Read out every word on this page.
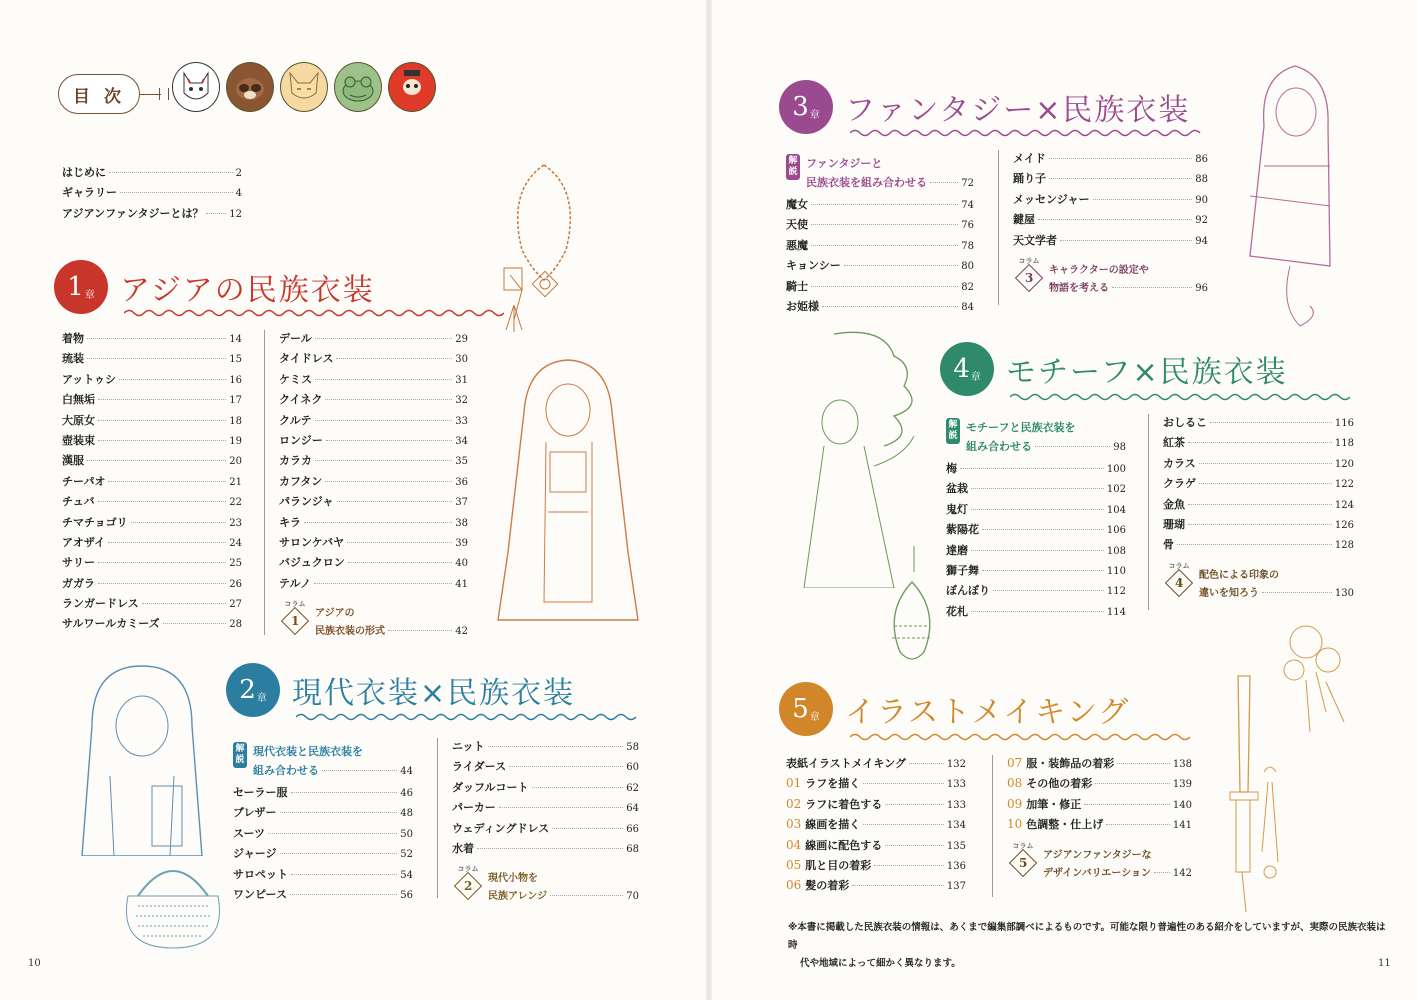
目 次
はじめに	2
ギャラリー	4
アジアンファンタジーとは？	12
1 章 アジアの民族衣装
着物	14
琉装	15
アットゥシ	16
白無垢	17
大原女	18
壺装束	19
漢服	20
チーパオ	21
チュバ	22
チマチョゴリ	23
アオザイ	24
サリー	25
ガガラ	26
ランガードレス	27
サルワールカミーズ	28
デール	29
タイドレス	30
ケミス	31
クイネク	32
クルテ	33
ロンジー	34
カラカ	35
カフタン	36
パランジャ	37
キラ	38
サロンケバヤ	39
バジュクロン	40
テルノ	41
コラム
1
アジアの
民族衣装の形式	42
2 章 現代衣装×民族衣装
解説
現代衣装と民族衣装を
組み合わせる	44
セーラー服	46
ブレザー	48
スーツ	50
ジャージ	52
サロペット	54
ワンピース	56
ニット	58
ライダース	60
ダッフルコート	62
パーカー	64
ウェディングドレス	66
水着	68
コラム
2
現代小物を
民族アレンジ	70
3 章 ファンタジー×民族衣装
解説
ファンタジーと
民族衣装を組み合わせる	72
魔女	74
天使	76
悪魔	78
キョンシー	80
騎士	82
お姫様	84
メイド	86
踊り子	88
メッセンジャー	90
鍵屋	92
天文学者	94
コラム
3
キャラクターの設定や
物語を考える	96
4 章 モチーフ×民族衣装
解説
モチーフと民族衣装を
組み合わせる	98
梅	100
盆栽	102
鬼灯	104
紫陽花	106
達磨	108
獅子舞	110
ぼんぼり	112
花札	114
おしるこ	116
紅茶	118
カラス	120
クラゲ	122
金魚	124
珊瑚	126
骨	128
コラム
4
配色による印象の
違いを知ろう	130
5 章 イラストメイキング
表紙イラストメイキング	132
01 ラフを描く	133
02 ラフに着色する	133
03 線画を描く	134
04 線画に配色する	135
05 肌と目の着彩	136
06 髪の着彩	137
07 服・装飾品の着彩	138
08 その他の着彩	139
09 加筆・修正	140
10 色調整・仕上げ	141
コラム
5
アジアンファンタジーな
デザインバリエーション 142
※本書に掲載した民族衣装の情報は、あくまで編集部調べによるものです。可能な限り普遍性のある紹介をしていますが、実際の民族衣装は時
代や地域によって細かく異なります。
10	11
